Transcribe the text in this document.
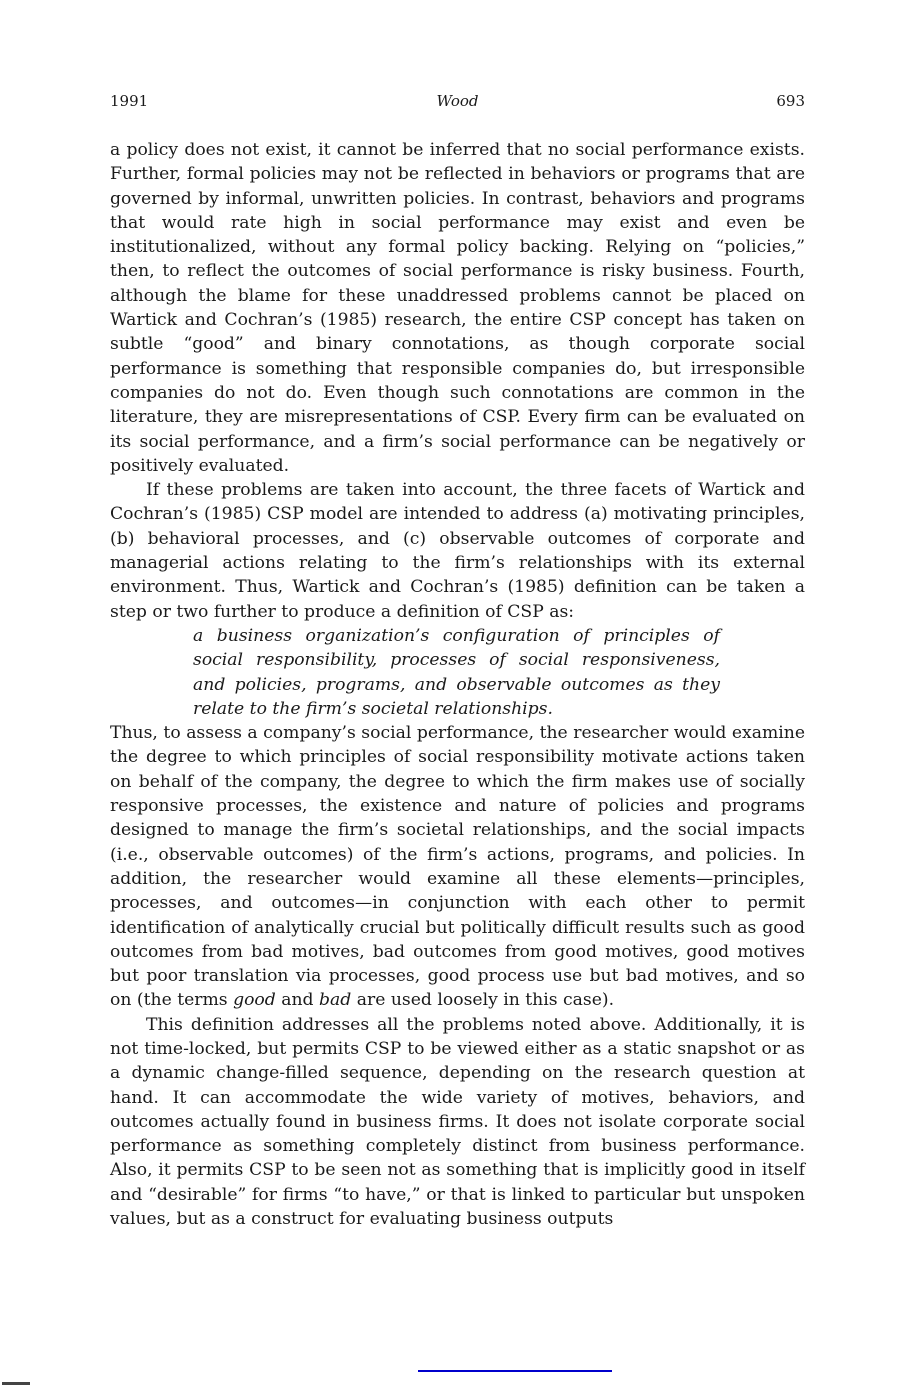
1991	Wood	693

a policy does not exist, it cannot be inferred that no social performance exists. Further, formal policies may not be reflected in behaviors or programs that are governed by informal, unwritten policies. In contrast, behaviors and programs that would rate high in social performance may exist and even be institutionalized, without any formal policy backing. Relying on “policies,” then, to reflect the outcomes of social performance is risky business. Fourth, although the blame for these unaddressed problems cannot be placed on Wartick and Cochran’s (1985) research, the entire CSP concept has taken on subtle “good” and binary connotations, as though corporate social performance is something that responsible companies do, but irresponsible companies do not do. Even though such connotations are common in the literature, they are misrepresentations of CSP. Every firm can be evaluated on its social performance, and a firm’s social performance can be negatively or positively evaluated.

If these problems are taken into account, the three facets of Wartick and Cochran’s (1985) CSP model are intended to address (a) motivating principles, (b) behavioral processes, and (c) observable outcomes of corporate and managerial actions relating to the firm’s relationships with its external environment. Thus, Wartick and Cochran’s (1985) definition can be taken a step or two further to produce a definition of CSP as:

a business organization’s configuration of principles of social responsibility, processes of social responsiveness, and policies, programs, and observable outcomes as they relate to the firm’s societal relationships.

Thus, to assess a company’s social performance, the researcher would examine the degree to which principles of social responsibility motivate actions taken on behalf of the company, the degree to which the firm makes use of socially responsive processes, the existence and nature of policies and programs designed to manage the firm’s societal relationships, and the social impacts (i.e., observable outcomes) of the firm’s actions, programs, and policies. In addition, the researcher would examine all these elements—principles, processes, and outcomes—in conjunction with each other to permit identification of analytically crucial but politically difficult results such as good outcomes from bad motives, bad outcomes from good motives, good motives but poor translation via processes, good process use but bad motives, and so on (the terms good and bad are used loosely in this case).

This definition addresses all the problems noted above. Additionally, it is not time-locked, but permits CSP to be viewed either as a static snapshot or as a dynamic change-filled sequence, depending on the research question at hand. It can accommodate the wide variety of motives, behaviors, and outcomes actually found in business firms. It does not isolate corporate social performance as something completely distinct from business performance. Also, it permits CSP to be seen not as something that is implicitly good in itself and “desirable” for firms “to have,” or that is linked to particular but unspoken values, but as a construct for evaluating business outputs
